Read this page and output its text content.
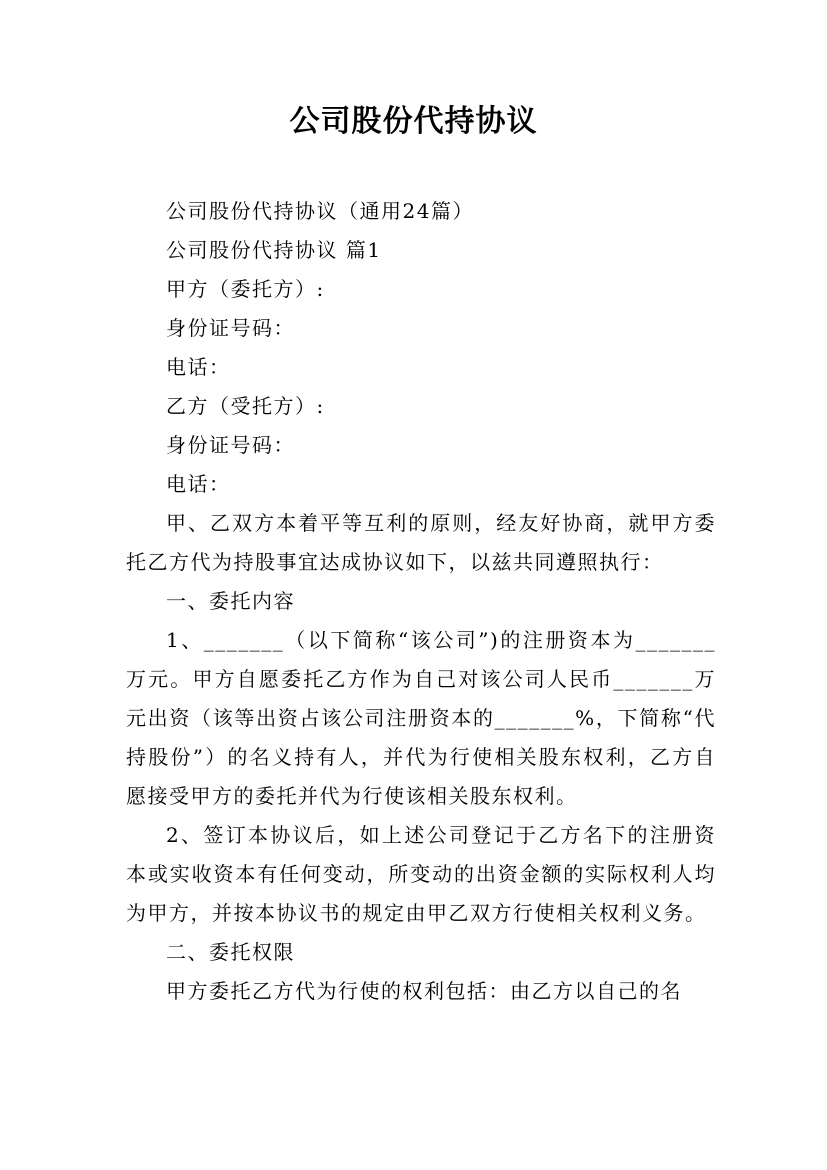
公司股份代持协议

公司股份代持协议（通用24篇）

公司股份代持协议 篇1

甲方（委托方）:

身份证号码：

电话：

乙方（受托方）:

身份证号码：

电话：

甲、乙双方本着平等互利的原则，经友好协商，就甲方委托乙方代为持股事宜达成协议如下，以兹共同遵照执行：

一、委托内容

1、_______（以下简称“该公司”)的注册资本为_______万元。甲方自愿委托乙方作为自己对该公司人民币_______万元出资（该等出资占该公司注册资本的_______%，下简称“代持股份”）的名义持有人，并代为行使相关股东权利，乙方自愿接受甲方的委托并代为行使该相关股东权利。

2、签订本协议后，如上述公司登记于乙方名下的注册资本或实收资本有任何变动，所变动的出资金额的实际权利人均为甲方，并按本协议书的规定由甲乙双方行使相关权利义务。

二、委托权限

甲方委托乙方代为行使的权利包括：由乙方以自己的名
